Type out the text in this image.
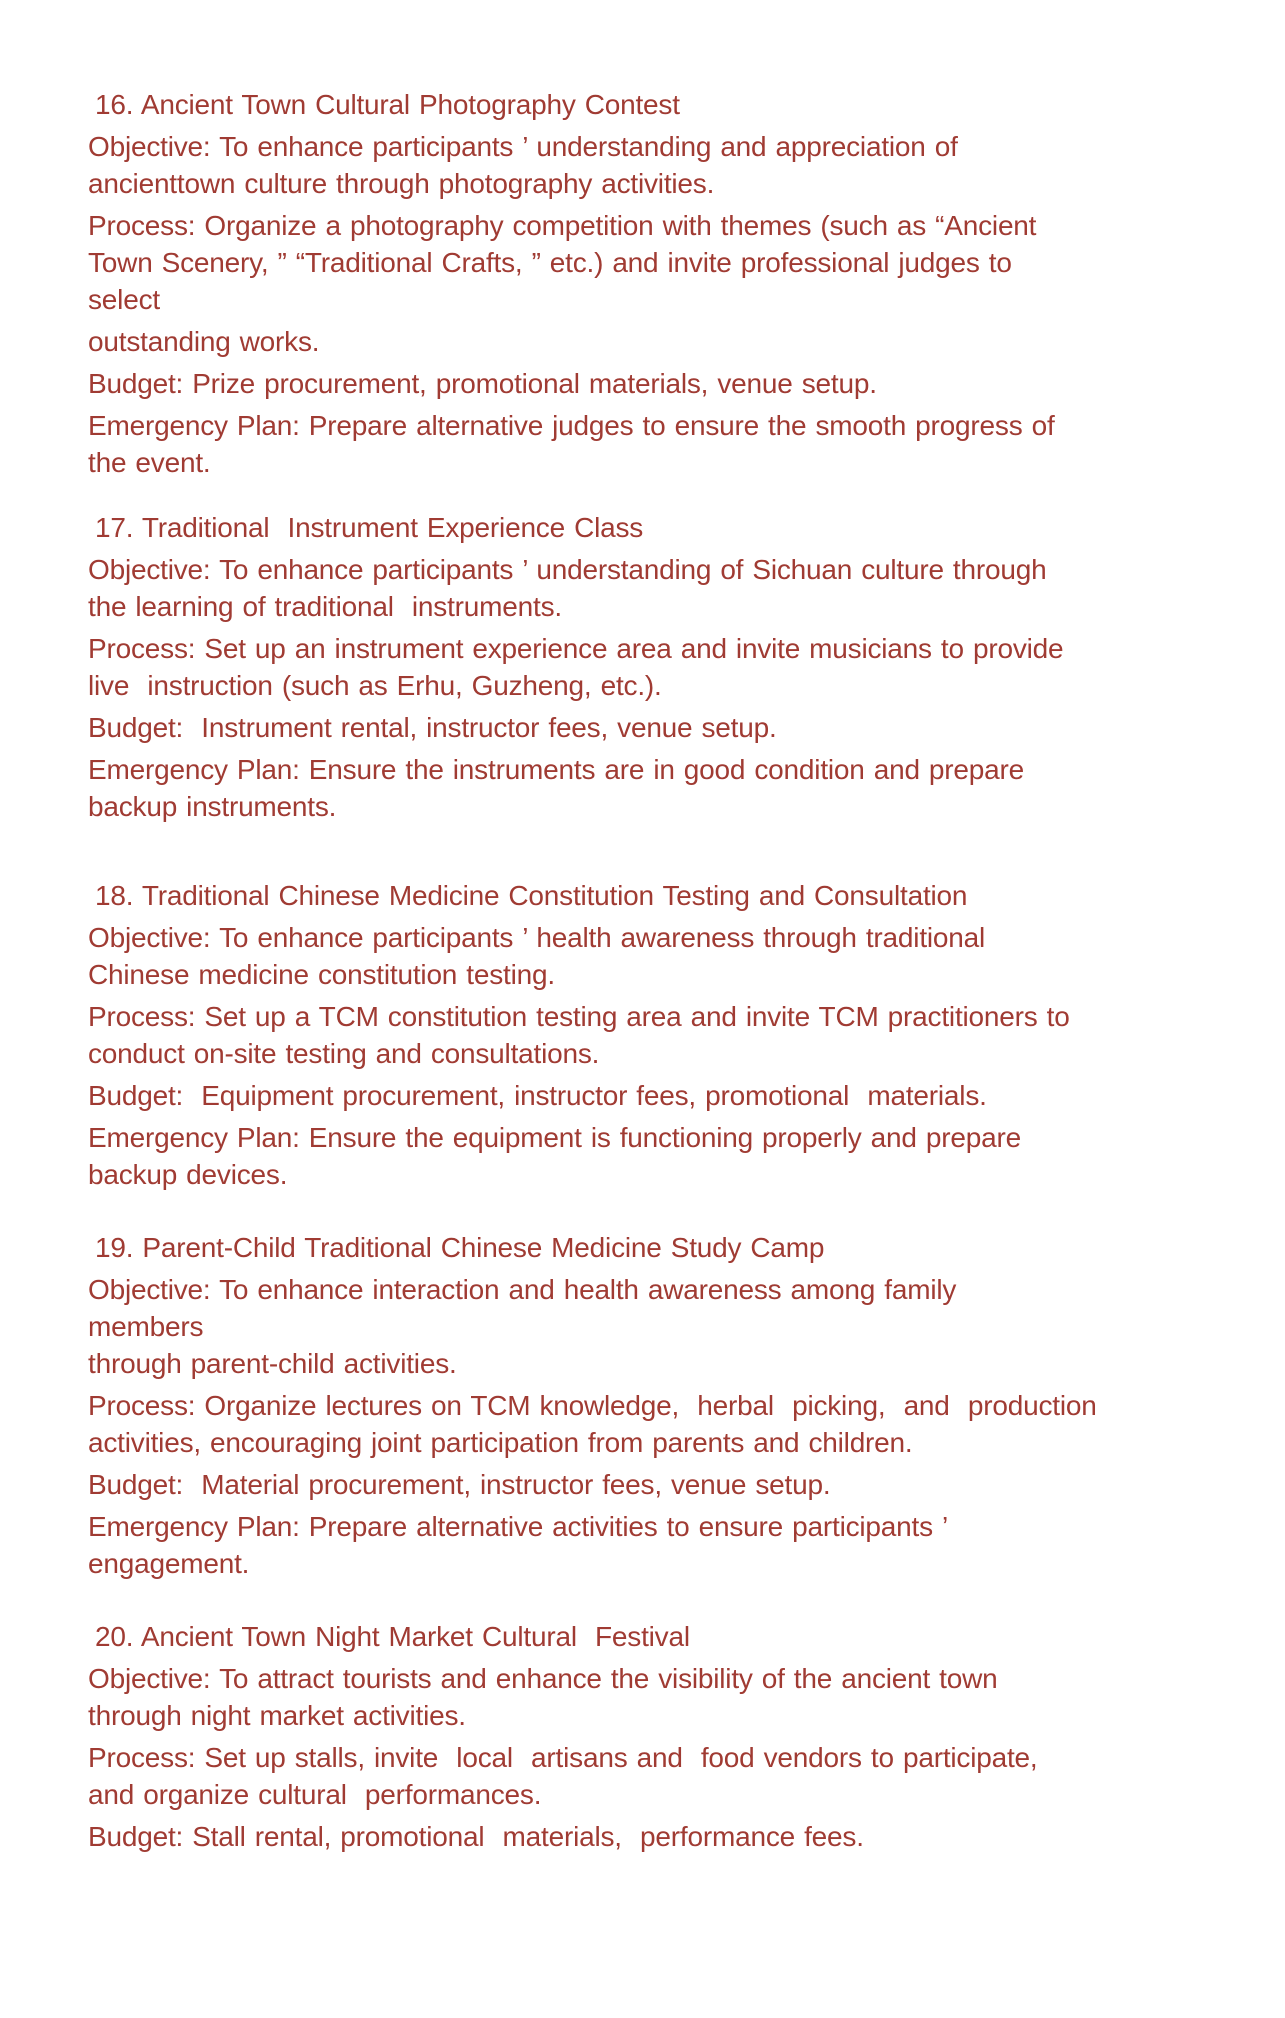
16. Ancient Town Cultural Photography Contest
Objective: To enhance participants ’ understanding and appreciation of
ancienttown culture through photography activities.
Process: Organize a photography competition with themes (such as “Ancient
Town Scenery, ” “Traditional Crafts, ” etc.) and invite professional judges to
select
outstanding works.
Budget: Prize procurement, promotional materials, venue setup.
Emergency Plan: Prepare alternative judges to ensure the smooth progress of
the event.
17. Traditional  Instrument Experience Class
Objective: To enhance participants ’ understanding of Sichuan culture through
the learning of traditional  instruments.
Process: Set up an instrument experience area and invite musicians to provide
live  instruction (such as Erhu, Guzheng, etc.).
Budget:  Instrument rental, instructor fees, venue setup.
Emergency Plan: Ensure the instruments are in good condition and prepare
backup instruments.
18. Traditional Chinese Medicine Constitution Testing and Consultation
Objective: To enhance participants ’ health awareness through traditional
Chinese medicine constitution testing.
Process: Set up a TCM constitution testing area and invite TCM practitioners to
conduct on-site testing and consultations.
Budget:  Equipment procurement, instructor fees, promotional  materials.
Emergency Plan: Ensure the equipment is functioning properly and prepare
backup devices.
19. Parent-Child Traditional Chinese Medicine Study Camp
Objective: To enhance interaction and health awareness among family
members
through parent-child activities.
Process: Organize lectures on TCM knowledge,  herbal  picking,  and  production
activities, encouraging joint participation from parents and children.
Budget:  Material procurement, instructor fees, venue setup.
Emergency Plan: Prepare alternative activities to ensure participants ’
engagement.
20. Ancient Town Night Market Cultural  Festival
Objective: To attract tourists and enhance the visibility of the ancient town
through night market activities.
Process: Set up stalls, invite  local  artisans and  food vendors to participate,
and organize cultural  performances.
Budget: Stall rental, promotional  materials,  performance fees.
